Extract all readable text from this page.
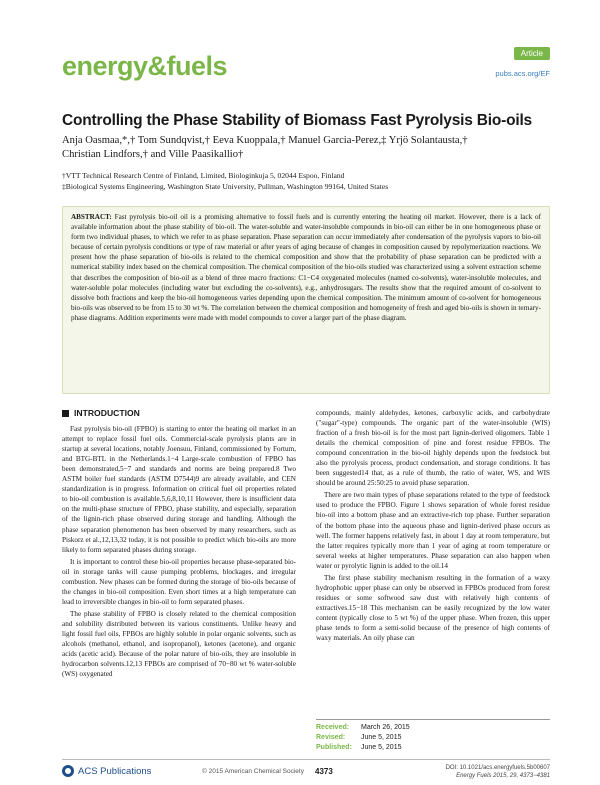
energy&fuels	Article
pubs.acs.org/EF
Controlling the Phase Stability of Biomass Fast Pyrolysis Bio-oils
Anja Oasmaa,*,† Tom Sundqvist,† Eeva Kuoppala,† Manuel Garcia-Perez,‡ Yrjö Solantausta,†
Christian Lindfors,† and Ville Paasikallio†
†VTT Technical Research Centre of Finland, Limited, Biologinkuja 5, 02044 Espoo, Finland
‡Biological Systems Engineering, Washington State University, Pullman, Washington 99164, United States
ABSTRACT: Fast pyrolysis bio-oil oil is a promising alternative to fossil fuels and is currently entering the heating oil market. However, there is a lack of available information about the phase stability of bio-oil. The water-soluble and water-insoluble compounds in bio-oil can either be in one homogeneous phase or form two individual phases, to which we refer to as phase separation. Phase separation can occur immediately after condensation of the pyrolysis vapors to bio-oil because of certain pyrolysis conditions or type of raw material or after years of aging because of changes in composition caused by repolymerization reactions. We present how the phase separation of bio-oils is related to the chemical composition and show that the probability of phase separation can be predicted with a numerical stability index based on the chemical composition. The chemical composition of the bio-oils studied was characterized using a solvent extraction scheme that describes the composition of bio-oil as a blend of three macro fractions: C1−C4 oxygenated molecules (named co-solvents), water-insoluble molecules, and water-soluble polar molecules (including water but excluding the co-solvents), e.g., anhydrosugars. The results show that the required amount of co-solvent to dissolve both fractions and keep the bio-oil homogeneous varies depending upon the chemical composition. The minimum amount of co-solvent for homogeneous bio-oils was observed to be from 15 to 30 wt %. The correlation between the chemical composition and homogeneity of fresh and aged bio-oils is shown in ternary-phase diagrams. Addition experiments were made with model compounds to cover a larger part of the phase diagram.
INTRODUCTION

Fast pyrolysis bio-oil (FPBO) is starting to enter the heating oil market in an attempt to replace fossil fuel oils. Commercial-scale pyrolysis plants are in startup at several locations, notably Joensuu, Finland, commissioned by Fortum, and BTG-BTL in the Netherlands.1−4 Large-scale combustion of FPBO has been demonstrated,5−7 and standards and norms are being prepared.8 Two ASTM boiler fuel standards (ASTM D7544)9 are already available, and CEN standardization is in progress. Information on critical fuel oil properties related to bio-oil combustion is available.5,6,8,10,11 However, there is insufficient data on the multi-phase structure of FPBO, phase stability, and especially, separation of the lignin-rich phase observed during storage and handling. Although the phase separation phenomenon has been observed by many researchers, such as Piskorz et al.,12,13,32 today, it is not possible to predict which bio-oils are more likely to form separated phases during storage.

It is important to control these bio-oil properties because phase-separated bio-oil in storage tanks will cause pumping problems, blockages, and irregular combustion. New phases can be formed during the storage of bio-oils because of the changes in bio-oil composition. Even short times at a high temperature can lead to irreversible changes in bio-oil to form separated phases.

The phase stability of FPBO is closely related to the chemical composition and solubility distributed between its various constituents. Unlike heavy and light fossil fuel oils, FPBOs are highly soluble in polar organic solvents, such as alcohols (methanol, ethanol, and isopropanol), ketones (acetone), and organic acids (acetic acid). Because of the polar nature of bio-oils, they are insoluble in hydrocarbon solvents.12,13 FPBOs are comprised of 70−80 wt % water-soluble (WS) oxygenated

compounds, mainly aldehydes, ketones, carboxylic acids, and carbohydrate ("sugar"-type) compounds. The organic part of the water-insoluble (WIS) fraction of a fresh bio-oil is for the most part lignin-derived oligomers. Table 1 details the chemical composition of pine and forest residue FPBOs. The compound concentration in the bio-oil highly depends upon the feedstock but also the pyrolysis process, product condensation, and storage conditions. It has been suggested14 that, as a rule of thumb, the ratio of water, WS, and WIS should be around 25:50:25 to avoid phase separation.

There are two main types of phase separations related to the type of feedstock used to produce the FPBO. Figure 1 shows separation of whole forest residue bio-oil into a bottom phase and an extractive-rich top phase. Further separation of the bottom phase into the aqueous phase and lignin-derived phase occurs as well. The former happens relatively fast, in about 1 day at room temperature, but the latter requires typically more than 1 year of aging at room temperature or several weeks at higher temperatures. Phase separation can also happen when water or pyrolytic lignin is added to the oil.14

The first phase stability mechanism resulting in the formation of a waxy hydrophobic upper phase can only be observed in FPBOs produced from forest residues or some softwood saw dust with relatively high contents of extractives.15−18 This mechanism can be easily recognized by the low water content (typically close to 5 wt %) of the upper phase. When frozen, this upper phase tends to form a semi-solid because of the presence of high contents of waxy materials. An oily phase can

Received:	March 26, 2015
Revised:	June 5, 2015
Published:	June 5, 2015
ACS Publications	© 2015 American Chemical Society 4373	DOI: 10.1021/acs.energyfuels.5b00607
Energy Fuels 2015, 29, 4373−4381
